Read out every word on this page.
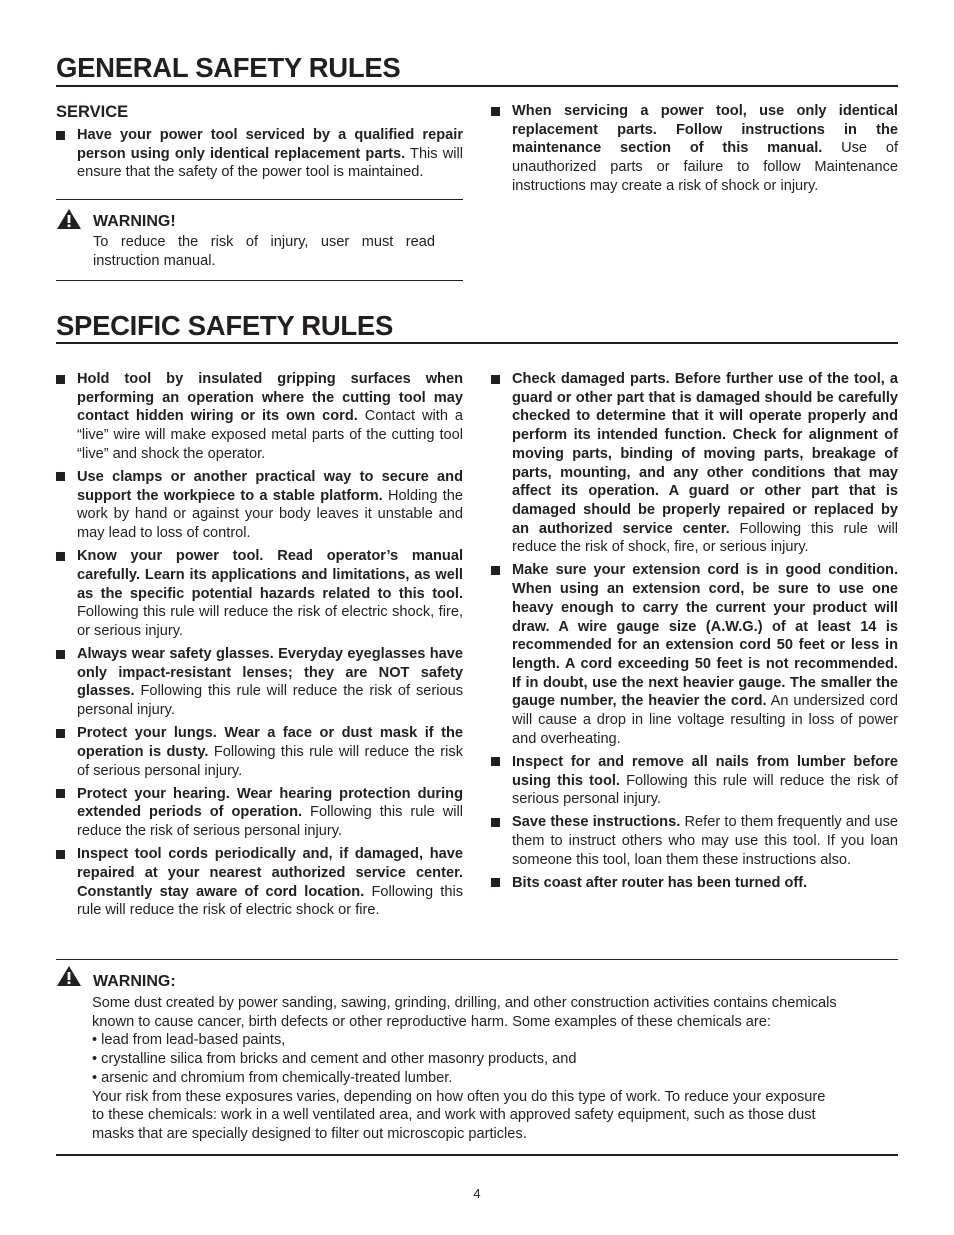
GENERAL SAFETY RULES
SERVICE
Have your power tool serviced by a qualified repair person using only identical replacement parts. This will ensure that the safety of the power tool is maintained.
WARNING!
To reduce the risk of injury, user must read instruction manual.
When servicing a power tool, use only identical replacement parts. Follow instructions in the maintenance section of this manual. Use of unauthorized parts or failure to follow Maintenance instructions may create a risk of shock or injury.
SPECIFIC SAFETY RULES
Hold tool by insulated gripping surfaces when performing an operation where the cutting tool may contact hidden wiring or its own cord. Contact with a “live” wire will make exposed metal parts of the cutting tool “live” and shock the operator.
Use clamps or another practical way to secure and support the workpiece to a stable platform. Holding the work by hand or against your body leaves it unstable and may lead to loss of control.
Know your power tool. Read operator’s manual carefully. Learn its applications and limitations, as well as the specific potential hazards related to this tool. Following this rule will reduce the risk of electric shock, fire, or serious injury.
Always wear safety glasses. Everyday eyeglasses have only impact-resistant lenses; they are NOT safety glasses. Following this rule will reduce the risk of serious personal injury.
Protect your lungs. Wear a face or dust mask if the operation is dusty. Following this rule will reduce the risk of serious personal injury.
Protect your hearing. Wear hearing protection during extended periods of operation. Following this rule will reduce the risk of serious personal injury.
Inspect tool cords periodically and, if damaged, have repaired at your nearest authorized service center. Constantly stay aware of cord location. Following this rule will reduce the risk of electric shock or fire.
Check damaged parts. Before further use of the tool, a guard or other part that is damaged should be carefully checked to determine that it will operate properly and perform its intended function. Check for alignment of moving parts, binding of moving parts, breakage of parts, mounting, and any other conditions that may affect its operation. A guard or other part that is damaged should be properly repaired or replaced by an authorized service center. Following this rule will reduce the risk of shock, fire, or serious injury.
Make sure your extension cord is in good condition. When using an extension cord, be sure to use one heavy enough to carry the current your product will draw. A wire gauge size (A.W.G.) of at least 14 is recommended for an extension cord 50 feet or less in length. A cord exceeding 50 feet is not recommended. If in doubt, use the next heavier gauge. The smaller the gauge number, the heavier the cord. An undersized cord will cause a drop in line voltage resulting in loss of power and overheating.
Inspect for and remove all nails from lumber before using this tool. Following this rule will reduce the risk of serious personal injury.
Save these instructions. Refer to them frequently and use them to instruct others who may use this tool. If you loan someone this tool, loan them these instructions also.
Bits coast after router has been turned off.
WARNING:
Some dust created by power sanding, sawing, grinding, drilling, and other construction activities contains chemicals
known to cause cancer, birth defects or other reproductive harm. Some examples of these chemicals are:
• lead from lead-based paints,
• crystalline silica from bricks and cement and other masonry products, and
• arsenic and chromium from chemically-treated lumber.
Your risk from these exposures varies, depending on how often you do this type of work. To reduce your exposure
to these chemicals: work in a well ventilated area, and work with approved safety equipment, such as those dust
masks that are specially designed to filter out microscopic particles.
4
